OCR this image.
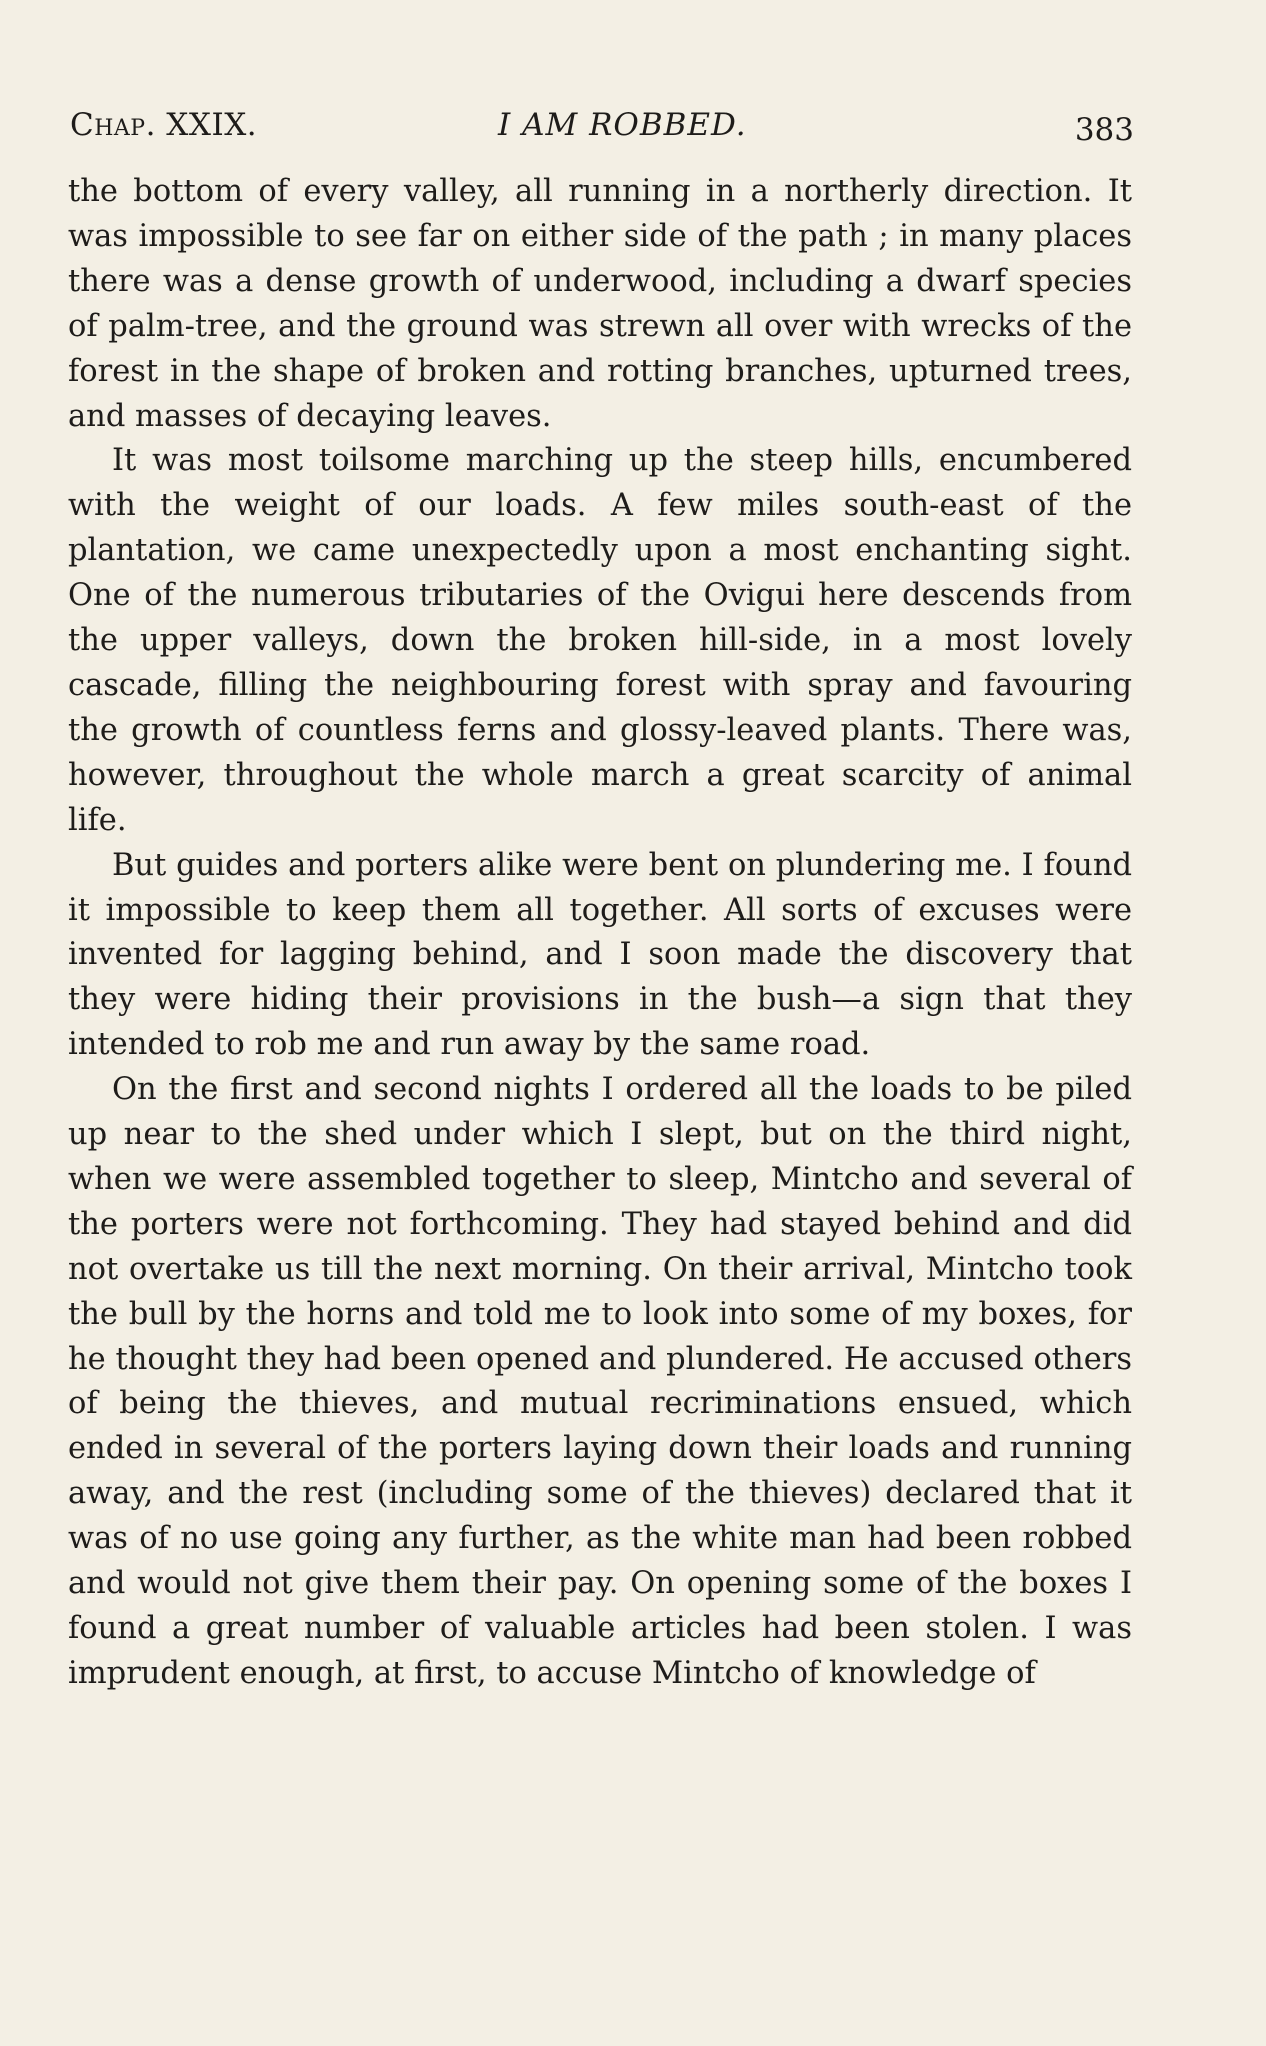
Chap. XXIX.	I AM ROBBED.	383

the bottom of every valley, all running in a northerly direction. It was impossible to see far on either side of the path ; in many places there was a dense growth of underwood, including a dwarf species of palm-tree, and the ground was strewn all over with wrecks of the forest in the shape of broken and rotting branches, upturned trees, and masses of decaying leaves.

It was most toilsome marching up the steep hills, encumbered with the weight of our loads. A few miles south-east of the plantation, we came unexpectedly upon a most enchanting sight. One of the numerous tributaries of the Ovigui here descends from the upper valleys, down the broken hill-side, in a most lovely cascade, filling the neighbouring forest with spray and favouring the growth of countless ferns and glossy-leaved plants. There was, however, throughout the whole march a great scarcity of animal life.

But guides and porters alike were bent on plundering me. I found it impossible to keep them all together. All sorts of excuses were invented for lagging behind, and I soon made the discovery that they were hiding their provisions in the bush—a sign that they intended to rob me and run away by the same road.

On the first and second nights I ordered all the loads to be piled up near to the shed under which I slept, but on the third night, when we were assembled together to sleep, Mintcho and several of the porters were not forthcoming. They had stayed behind and did not overtake us till the next morning. On their arrival, Mintcho took the bull by the horns and told me to look into some of my boxes, for he thought they had been opened and plundered. He accused others of being the thieves, and mutual recriminations ensued, which ended in several of the porters laying down their loads and running away, and the rest (including some of the thieves) declared that it was of no use going any further, as the white man had been robbed and would not give them their pay. On opening some of the boxes I found a great number of valuable articles had been stolen. I was imprudent enough, at first, to accuse Mintcho of knowledge of
